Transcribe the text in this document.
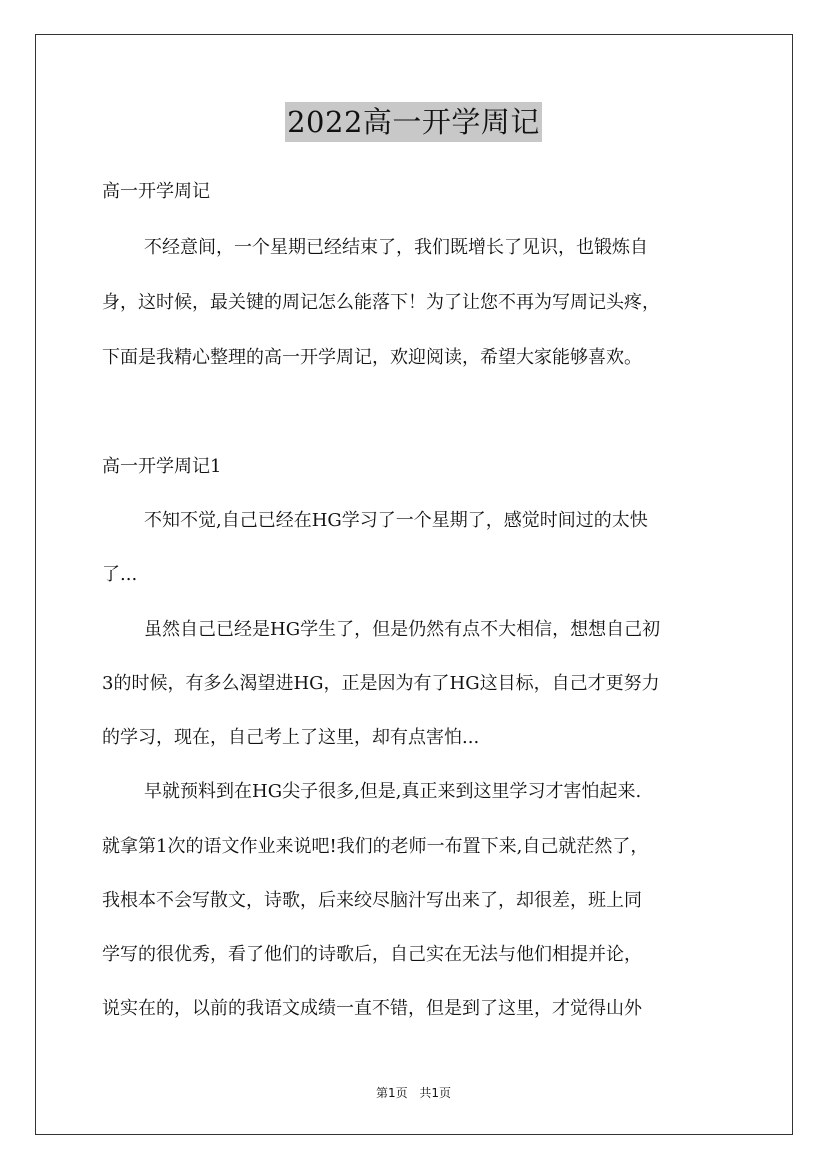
2022高一开学周记
高一开学周记
不经意间，一个星期已经结束了，我们既增长了见识，也锻炼自
身，这时候，最关键的周记怎么能落下！为了让您不再为写周记头疼，
下面是我精心整理的高一开学周记，欢迎阅读，希望大家能够喜欢。
高一开学周记1
不知不觉,自己已经在HG学习了一个星期了，感觉时间过的太快
了...
虽然自己已经是HG学生了，但是仍然有点不大相信，想想自己初
3的时候，有多么渴望进HG，正是因为有了HG这目标，自己才更努力
的学习，现在，自己考上了这里，却有点害怕...
早就预料到在HG尖子很多,但是,真正来到这里学习才害怕起来.
就拿第1次的语文作业来说吧!我们的老师一布置下来,自己就茫然了，
我根本不会写散文，诗歌，后来绞尽脑汁写出来了，却很差，班上同
学写的很优秀，看了他们的诗歌后，自己实在无法与他们相提并论，
说实在的，以前的我语文成绩一直不错，但是到了这里，才觉得山外
第1页 共1页
